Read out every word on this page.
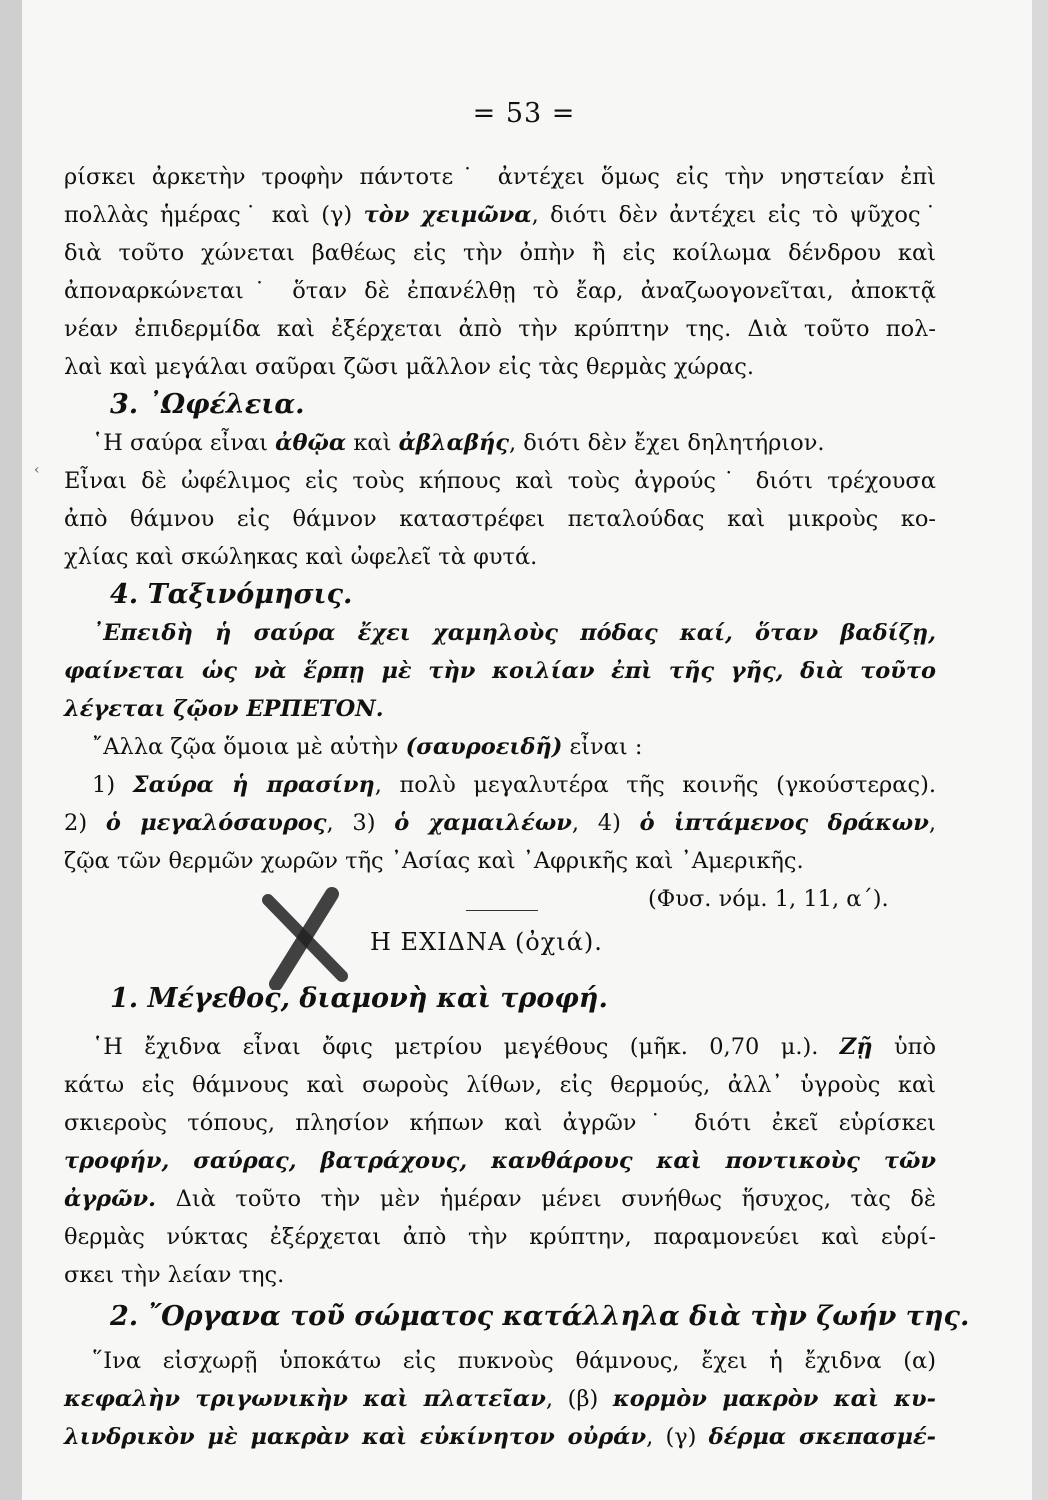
= 53 =
ρίσκει ἀρκετὴν τροφὴν πάντοτε˙ ἀντέχει ὅμως εἰς τὴν νηστείαν ἐπὶ
πολλὰς ἡμέρας˙ καὶ (γ) τὸν χειμῶνα, διότι δὲν ἀντέχει εἰς τὸ ψῦχος˙
διὰ τοῦτο χώνεται βαθέως εἰς τὴν ὀπὴν ἢ εἰς κοίλωμα δένδρου καὶ
ἀποναρκώνεται˙ ὅταν δὲ ἐπανέλθῃ τὸ ἔαρ, ἀναζωογονεῖται, ἀποκτᾷ
νέαν ἐπιδερμίδα καὶ ἐξέρχεται ἀπὸ τὴν κρύπτην της. Διὰ τοῦτο πολ-
λαὶ καὶ μεγάλαι σαῦραι ζῶσι μᾶλλον εἰς τὰς θερμὰς χώρας.
3. ᾿Ωφέλεια.
῾Η σαύρα εἶναι ἀθῷα καὶ ἀβλαβής, διότι δὲν ἔχει δηλητήριον.
‹ Εἶναι δὲ ὠφέλιμος εἰς τοὺς κήπους καὶ τοὺς ἀγρούς˙ διότι τρέχουσα
ἀπὸ θάμνου εἰς θάμνον καταστρέφει πεταλούδας καὶ μικροὺς κο-
χλίας καὶ σκώληκας καὶ ὠφελεῖ τὰ φυτά.
4. Ταξινόμησις.
᾿Επειδὴ ἡ σαύρα ἔχει χαμηλοὺς πόδας καί, ὅταν βαδίζῃ,
φαίνεται ὡς νὰ ἕρπῃ μὲ τὴν κοιλίαν ἐπὶ τῆς γῆς, διὰ τοῦτο
λέγεται ζῷον ΕΡΠΕΤΟΝ.
῎Αλλα ζῷα ὅμοια μὲ αὐτὴν (σαυροειδῆ) εἶναι :
1) Σαύρα ἡ πρασίνη, πολὺ μεγαλυτέρα τῆς κοινῆς (γκούστερας).
2) ὁ μεγαλόσαυρος, 3) ὁ χαμαιλέων, 4) ὁ ἱπτάμενος δράκων,
ζῷα τῶν θερμῶν χωρῶν τῆς ᾿Ασίας καὶ ᾿Αφρικῆς καὶ ᾿Αμερικῆς.
(Φυσ. νόμ. 1, 11, α΄).
Η ΕΧΙΔΝΑ (ὀχιά).
1. Μέγεθος, διαμονὴ καὶ τροφή.
῾Η ἔχιδνα εἶναι ὄφις μετρίου μεγέθους (μῆκ. 0,70 μ.). Ζῇ ὑπὸ
κάτω εἰς θάμνους καὶ σωροὺς λίθων, εἰς θερμούς, ἀλλ᾿ ὑγροὺς καὶ
σκιεροὺς τόπους, πλησίον κήπων καὶ ἀγρῶν˙ διότι ἐκεῖ εὑρίσκει
τροφήν, σαύρας, βατράχους, κανθάρους καὶ ποντικοὺς τῶν
ἀγρῶν. Διὰ τοῦτο τὴν μὲν ἡμέραν μένει συνήθως ἥσυχος, τὰς δὲ
θερμὰς νύκτας ἐξέρχεται ἀπὸ τὴν κρύπτην, παραμονεύει καὶ εὑρί-
σκει τὴν λείαν της.
2. ῎Οργανα τοῦ σώματος κατάλληλα διὰ τὴν ζωήν της.
῞Ινα εἰσχωρῇ ὑποκάτω εἰς πυκνοὺς θάμνους, ἔχει ἡ ἔχιδνα (α)
κεφαλὴν τριγωνικὴν καὶ πλατεῖαν, (β) κορμὸν μακρὸν καὶ κυ-
λινδρικὸν μὲ μακρὰν καὶ εὐκίνητον οὐράν, (γ) δέρμα σκεπασμέ-
